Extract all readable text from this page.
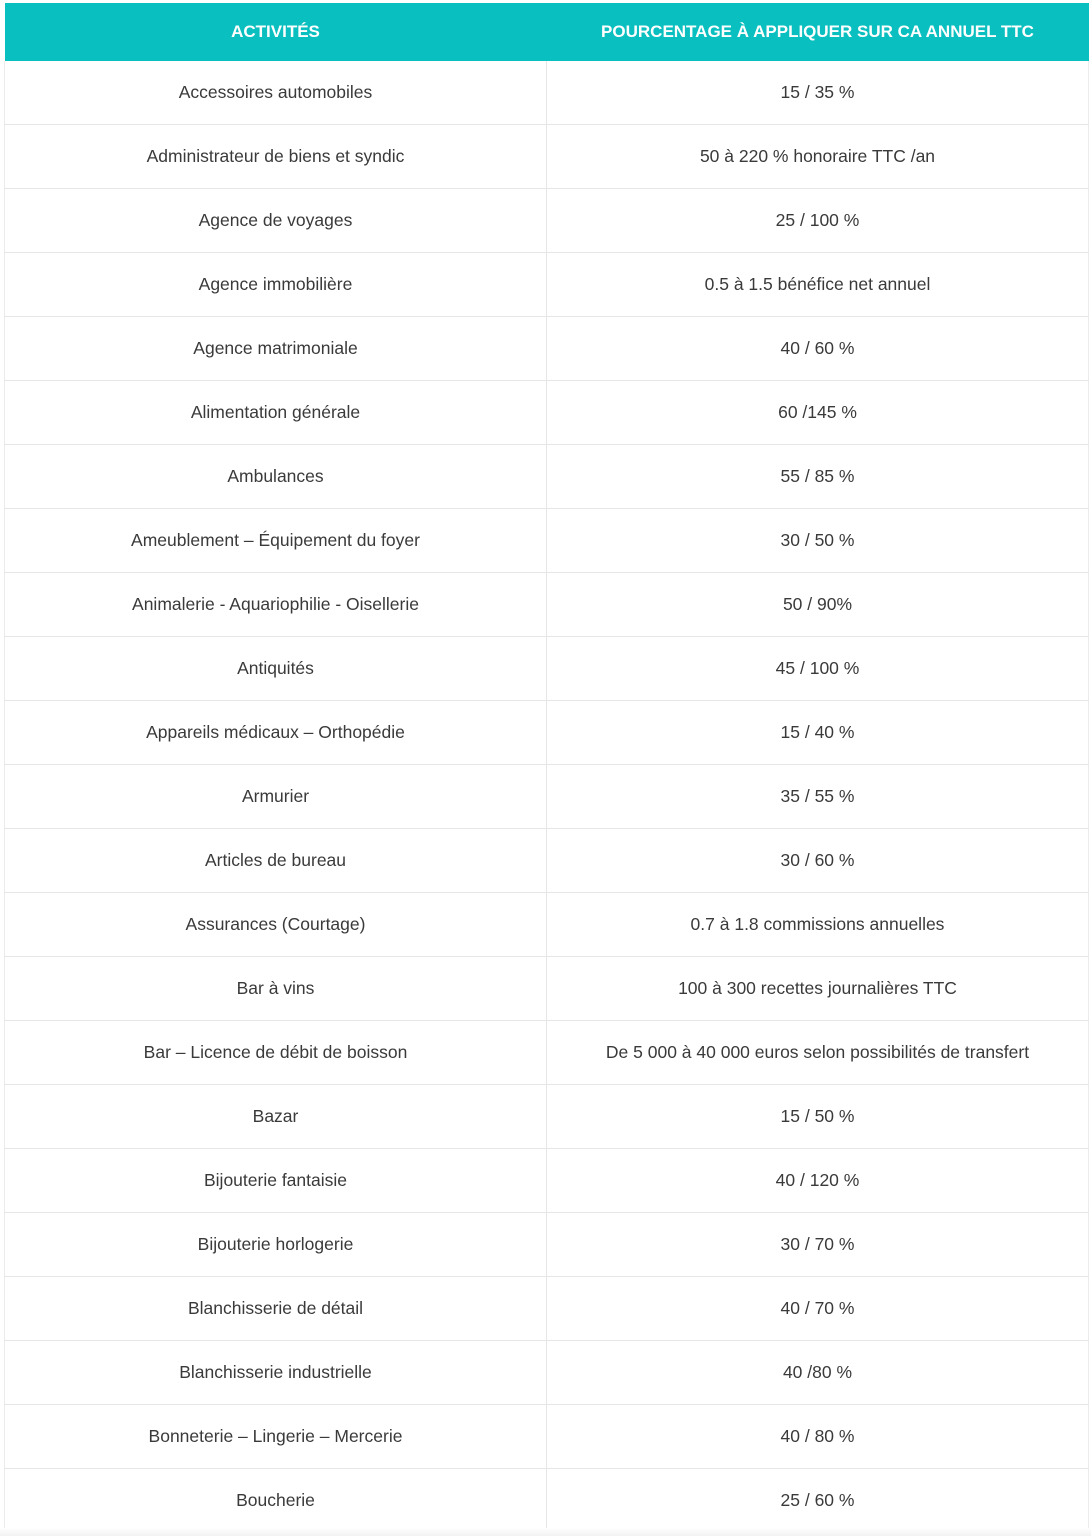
ACTIVITÉS	POURCENTAGE À APPLIQUER SUR CA ANNUEL TTC
Accessoires automobiles	15 / 35 %
Administrateur de biens et syndic	50 à 220 % honoraire TTC /an
Agence de voyages	25 / 100 %
Agence immobilière	0.5 à 1.5 bénéfice net annuel
Agence matrimoniale	40 / 60 %
Alimentation générale	60 /145 %
Ambulances	55 / 85 %
Ameublement – Équipement du foyer	30 / 50 %
Animalerie - Aquariophilie - Oisellerie	50 / 90%
Antiquités	45 / 100 %
Appareils médicaux – Orthopédie	15 / 40 %
Armurier	35 / 55 %
Articles de bureau	30 / 60 %
Assurances (Courtage)	0.7 à 1.8 commissions annuelles
Bar à vins	100 à 300 recettes journalières TTC
Bar – Licence de débit de boisson	De 5 000 à 40 000 euros selon possibilités de transfert
Bazar	15 / 50 %
Bijouterie fantaisie	40 / 120 %
Bijouterie horlogerie	30 / 70 %
Blanchisserie de détail	40 / 70 %
Blanchisserie industrielle	40 /80 %
Bonneterie – Lingerie – Mercerie	40 / 80 %
Boucherie	25 / 60 %
